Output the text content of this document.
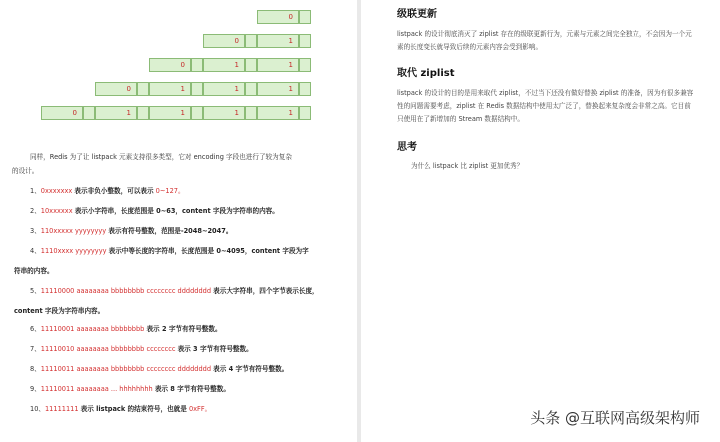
0
0	1
0	1	1
0	1	1	1
0	1	1	1	1
同样，Redis 为了让 listpack 元素支持很多类型，它对 encoding 字段也进行了较为复杂
的设计。
1、0xxxxxxx 表示非负小整数，可以表示 0~127。
2、10xxxxxx 表示小字符串，长度范围是 0~63，content 字段为字符串的内容。
3、110xxxxx yyyyyyyy 表示有符号整数，范围是-2048~2047。
4、1110xxxx yyyyyyyy 表示中等长度的字符串，长度范围是 0~4095，content 字段为字
符串的内容。
5、11110000 aaaaaaaa bbbbbbbb cccccccc dddddddd 表示大字符串，四个字节表示长度，
content 字段为字符串内容。
6、11110001 aaaaaaaa bbbbbbbb 表示 2 字节有符号整数。
7、11110010 aaaaaaaa bbbbbbbb cccccccc 表示 3 字节有符号整数。
8、11110011 aaaaaaaa bbbbbbbb cccccccc dddddddd 表示 4 字节有符号整数。
9、11110011 aaaaaaaa ... hhhhhhhh 表示 8 字节有符号整数。
10、11111111 表示 listpack 的结束符号，也就是 0xFF。
级联更新
listpack 的设计彻底消灭了 ziplist 存在的级联更新行为，元素与元素之间完全独立，不会因为一个元素的长度变长就导致后续的元素内容会受到影响。
取代 ziplist
listpack 的设计的目的是用来取代 ziplist，不过当下还没有做好替换 ziplist 的准备，因为有很多兼容性的问题需要考虑，ziplist 在 Redis 数据结构中使用太广泛了，替换起来复杂度会非常之高。它目前只使用在了新增加的 Stream 数据结构中。
思考
为什么 listpack 比 ziplist 更加优秀？
头条 @互联网高级架构师
